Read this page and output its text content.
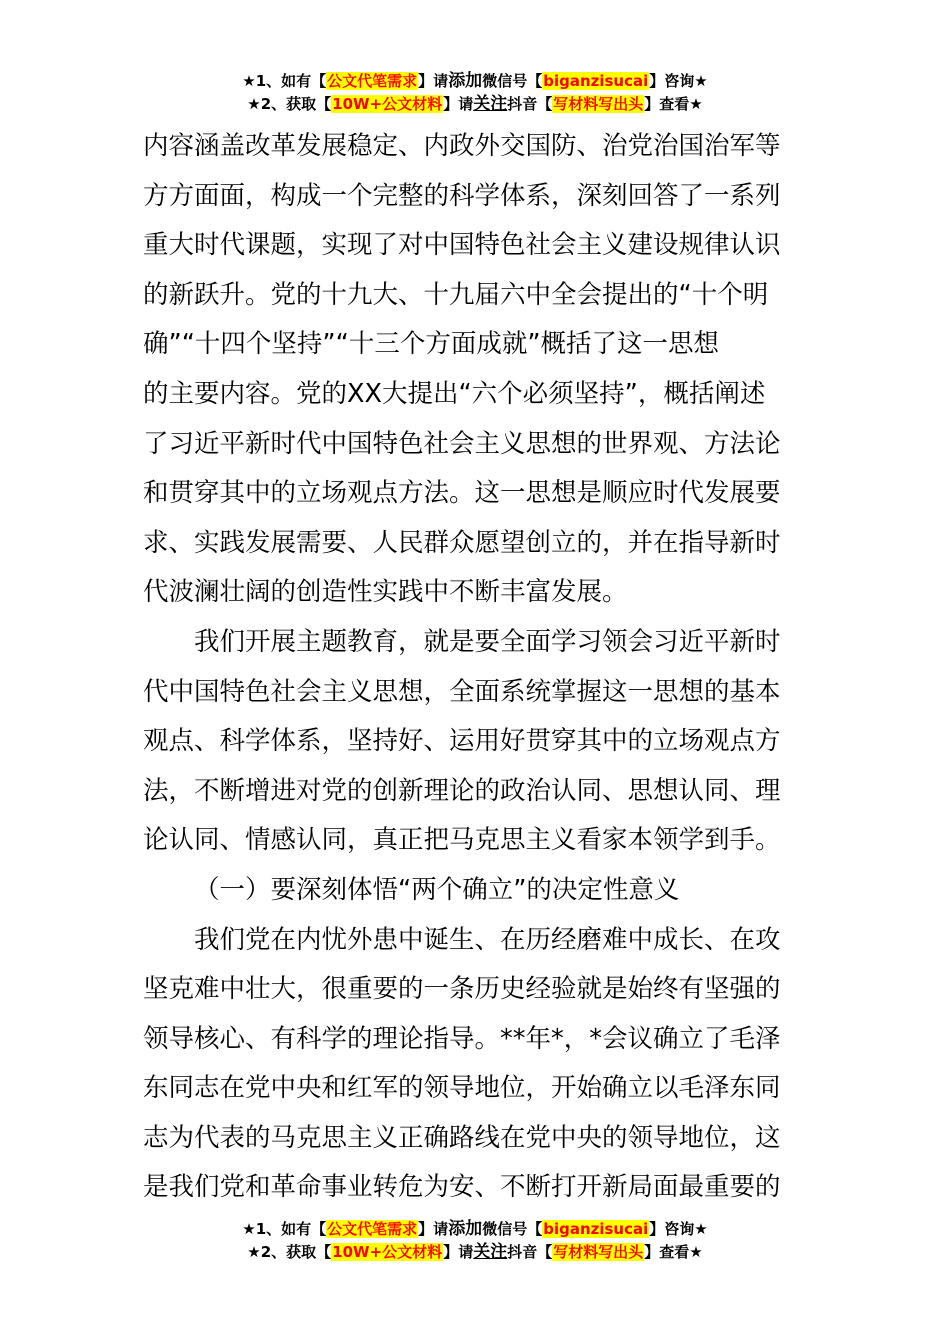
★1、如有【公文代笔需求】请添加微信号【biganzisucai】咨询★
★2、获取【10W+公文材料】请关注抖音【写材料写出头】查看★

内容涵盖改革发展稳定、内政外交国防、治党治国治军等

方方面面，构成一个完整的科学体系，深刻回答了一系列

重大时代课题，实现了对中国特色社会主义建设规律认识

的新跃升。党的十九大、十九届六中全会提出的“十个明

确”“十四个坚持”“十三个方面成就”概括了这一思想

的主要内容。党的XX大提出“六个必须坚持”，概括阐述

了习近平新时代中国特色社会主义思想的世界观、方法论

和贯穿其中的立场观点方法。这一思想是顺应时代发展要

求、实践发展需要、人民群众愿望创立的，并在指导新时

代波澜壮阔的创造性实践中不断丰富发展。

我们开展主题教育，就是要全面学习领会习近平新时

代中国特色社会主义思想，全面系统掌握这一思想的基本

观点、科学体系，坚持好、运用好贯穿其中的立场观点方

法，不断增进对党的创新理论的政治认同、思想认同、理

论认同、情感认同，真正把马克思主义看家本领学到手。

（一）要深刻体悟“两个确立”的决定性意义

我们党在内忧外患中诞生、在历经磨难中成长、在攻

坚克难中壮大，很重要的一条历史经验就是始终有坚强的

领导核心、有科学的理论指导。**年*，*会议确立了毛泽

东同志在党中央和红军的领导地位，开始确立以毛泽东同

志为代表的马克思主义正确路线在党中央的领导地位，这

是我们党和革命事业转危为安、不断打开新局面最重要的

★1、如有【公文代笔需求】请添加微信号【biganzisucai】咨询★
★2、获取【10W+公文材料】请关注抖音【写材料写出头】查看★
